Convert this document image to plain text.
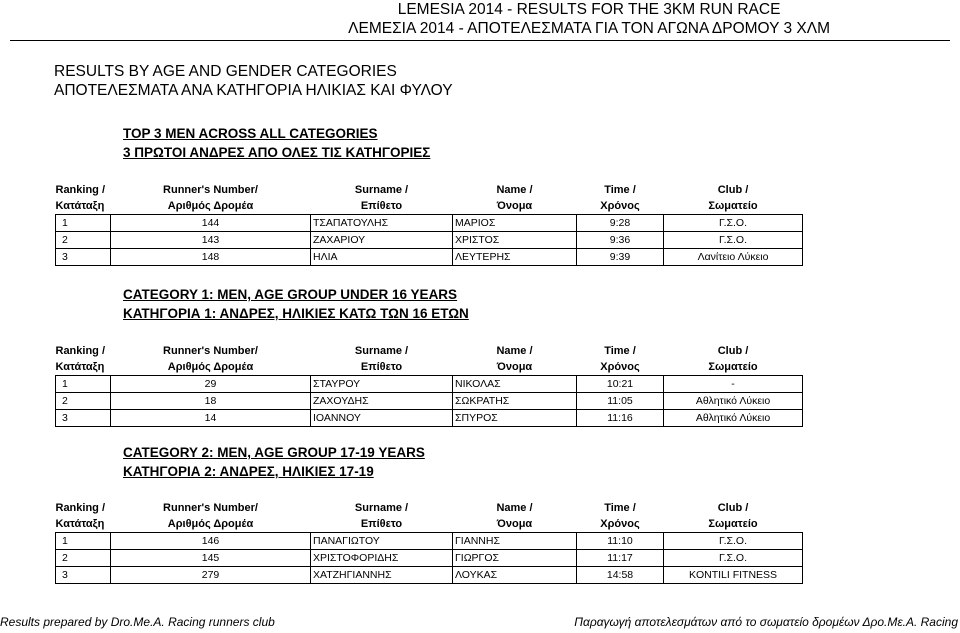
LEMESIA 2014 - RESULTS FOR THE 3KM RUN RACE
ΛΕΜΕΣΙΑ 2014 - ΑΠΟΤΕΛΕΣΜΑΤΑ ΓΙΑ ΤΟΝ ΑΓΩΝΑ ΔΡΟΜΟΥ 3 ΧΛΜ
RESULTS BY AGE AND GENDER CATEGORIES
ΑΠΟΤΕΛΕΣΜΑΤΑ ΑΝΑ ΚΑΤΗΓΟΡΙΑ ΗΛΙΚΙΑΣ ΚΑΙ ΦΥΛΟΥ
TOP 3 MEN ACROSS ALL CATEGORIES
3 ΠΡΩΤΟΙ ΑΝΔΡΕΣ ΑΠΟ ΟΛΕΣ ΤΙΣ ΚΑΤΗΓΟΡΙΕΣ
Ranking /	Runner's Number/	Surname /	Name /	Time /	Club /
Κατάταξη	Αριθμός Δρομέα	Επίθετο	Όνομα	Χρόνος	Σωματείο
1	144	ΤΣΑΠΑΤΟΥΛΗΣ	ΜΑΡΙΟΣ	9:28	Γ.Σ.Ο.
2	143	ΖΑΧΑΡΙΟΥ	ΧΡΙΣΤΟΣ	9:36	Γ.Σ.Ο.
3	148	ΗΛΙΑ	ΛΕΥΤΕΡΗΣ	9:39	Λανίτειο Λύκειο
CATEGORY 1: MEN, AGE GROUP UNDER 16 YEARS
ΚΑΤΗΓΟΡΙΑ 1: ΑΝΔΡΕΣ, ΗΛΙΚΙΕΣ ΚΑΤΩ ΤΩΝ 16 ΕΤΩΝ
Ranking /	Runner's Number/	Surname /	Name /	Time /	Club /
Κατάταξη	Αριθμός Δρομέα	Επίθετο	Όνομα	Χρόνος	Σωματείο
1	29	ΣΤΑΥΡΟΥ	ΝΙΚΟΛΑΣ	10:21	-
2	18	ΖΑΧΟΥΔΗΣ	ΣΩΚΡΑΤΗΣ	11:05	Αθλητικό Λύκειο
3	14	ΙΟΑΝΝΟΥ	ΣΠΥΡΟΣ	11:16	Αθλητικό Λύκειο
CATEGORY 2: MEN, AGE GROUP 17-19 YEARS
ΚΑΤΗΓΟΡΙΑ 2: ΑΝΔΡΕΣ, ΗΛΙΚΙΕΣ 17-19
Ranking /	Runner's Number/	Surname /	Name /	Time /	Club /
Κατάταξη	Αριθμός Δρομέα	Επίθετο	Όνομα	Χρόνος	Σωματείο
1	146	ΠΑΝΑΓΙΩΤΟΥ	ΓΙΑΝΝΗΣ	11:10	Γ.Σ.Ο.
2	145	ΧΡΙΣΤΟΦΟΡΙΔΗΣ	ΓΙΩΡΓΟΣ	11:17	Γ.Σ.Ο.
3	279	ΧΑΤΖΗΓΙΑΝΝΗΣ	ΛΟΥΚΑΣ	14:58	KONTILI FITNESS
Results prepared by Dro.Me.A. Racing runners club	Παραγωγή αποτελεσμάτων από το σωματείο δρομέων Δρο.Με.Α. Racing
